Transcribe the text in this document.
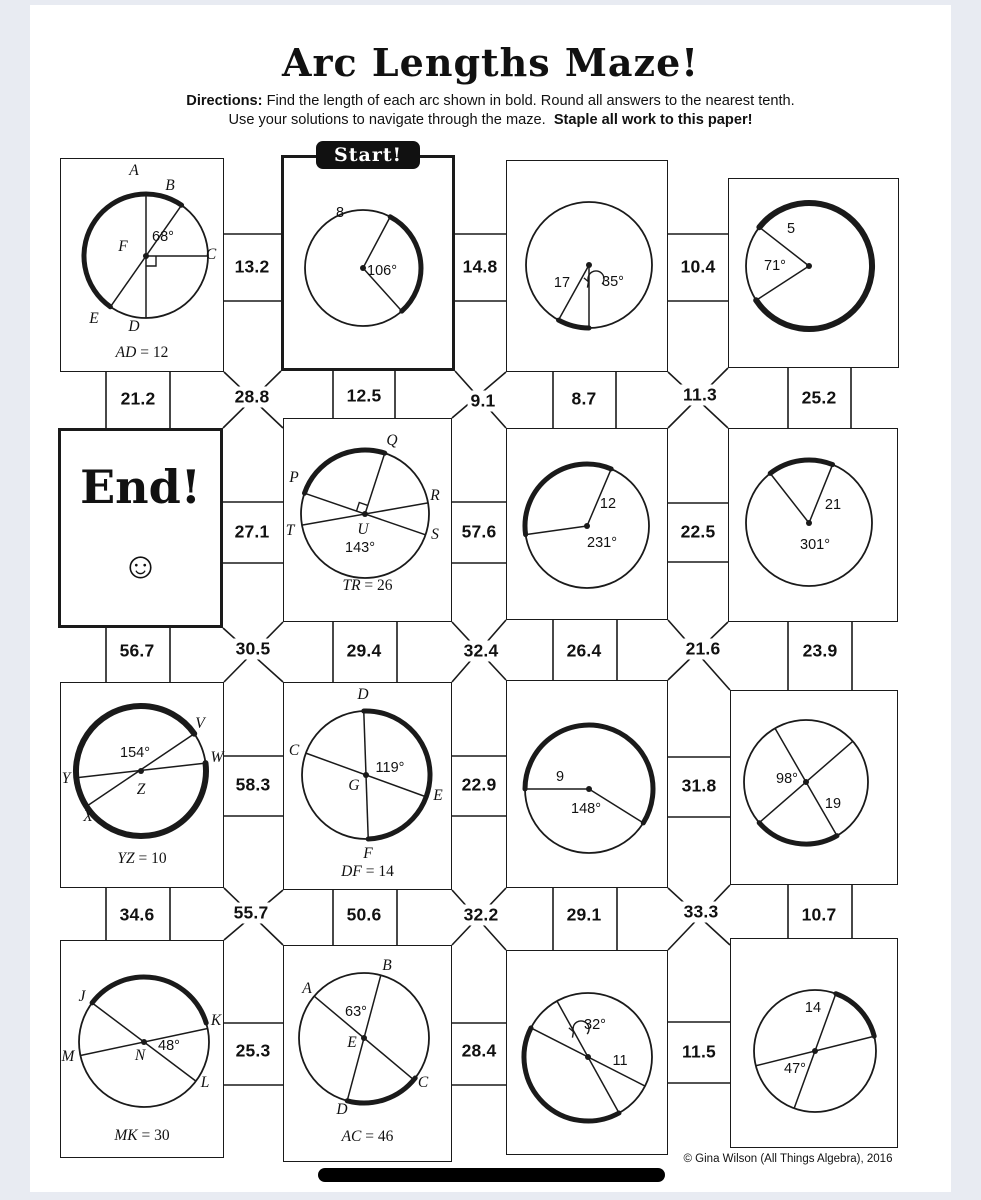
A
B
C
D
E
F
68°
AD = 12
8
106°
17 35°
5
71°
P
Q
R
S
T	U
143°
TR = 26
12
231°
21
301°
V
W
Y
X
Z
154°
YZ = 10
C
D
E
F
G
119°
DF = 14
9
148°
98°
19
J
K
L
M	N
48°
MK = 30
A
B
C
D
E
63°
AC = 46
32°
11
14
47°
13.2	14.8	10.4
21.2	28.8	12.5	9.1	8.7	11.3	25.2
27.1	57.6	22.5
56.7	30.5	29.4	32.4	26.4	21.6	23.9
58.3	22.9	31.8
34.6	55.7	50.6	32.2	29.1	33.3	10.7
25.3	28.4	11.5
Arc Lengths Maze!
Directions: Find the length of each arc shown in bold. Round all answers to the nearest tenth.
Use your solutions to navigate through the maze. Staple all work to this paper!
Start!
End!
☺
© Gina Wilson (All Things Algebra), 2016
